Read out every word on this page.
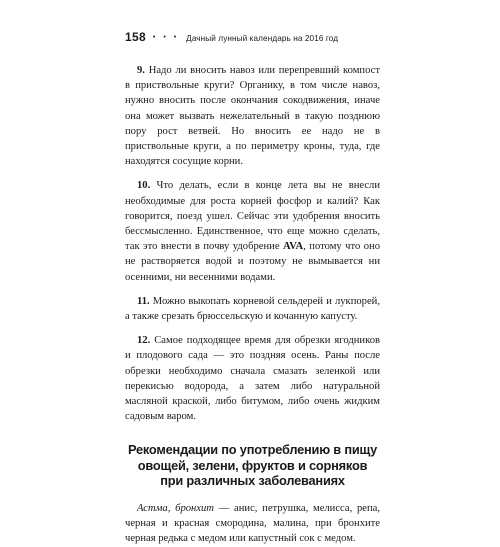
158 • • • Дачный лунный календарь на 2016 год

9. Надо ли вносить навоз или перепревший компост в приствольные круги? Органику, в том числе навоз, нужно вносить после окончания сокодвижения, иначе она может вызвать нежелательный в такую позднюю пору рост ветвей. Но вносить ее надо не в приствольные круги, а по периметру кроны, туда, где находятся сосущие корни.

10. Что делать, если в конце лета вы не внесли необходимые для роста корней фосфор и калий? Как говорится, поезд ушел. Сейчас эти удобрения вносить бессмысленно. Единственное, что еще можно сделать, так это внести в почву удобрение AVA, потому что оно не растворяется водой и поэтому не вымывается ни осенними, ни весенними водами.

11. Можно выкопать корневой сельдерей и лукпорей, а также срезать брюссельскую и кочанную капусту.

12. Самое подходящее время для обрезки ягодников и плодового сада — это поздняя осень. Раны после обрезки необходимо сначала смазать зеленкой или перекисью водорода, а затем либо натуральной масляной краской, либо битумом, либо очень жидким садовым варом.

Рекомендации по употреблению в пищу
овощей, зелени, фруктов и сорняков
при различных заболеваниях

Астма, бронхит — анис, петрушка, мелисса, репа, черная и красная смородина, малина, при бронхите черная редька с медом или капустный сок с медом.
